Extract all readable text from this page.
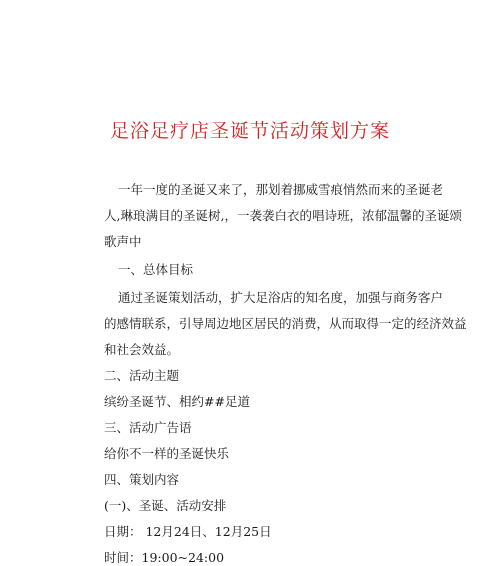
足浴足疗店圣诞节活动策划方案
一年一度的圣诞又来了，那划着挪威雪痕悄然而来的圣诞老
人,琳琅满目的圣诞树,，一袭袭白衣的唱诗班，浓郁温馨的圣诞颂
歌声中
一、总体目标
通过圣诞策划活动，扩大足浴店的知名度，加强与商务客户
的感情联系，引导周边地区居民的消费，从而取得一定的经济效益
和社会效益。
二、活动主题
缤纷圣诞节、相约##足道
三、活动广告语
给你不一样的圣诞快乐
四、策划内容
(一)、圣诞、活动安排
日期： 12月24日、12月25日
时间：19:00~24:00
